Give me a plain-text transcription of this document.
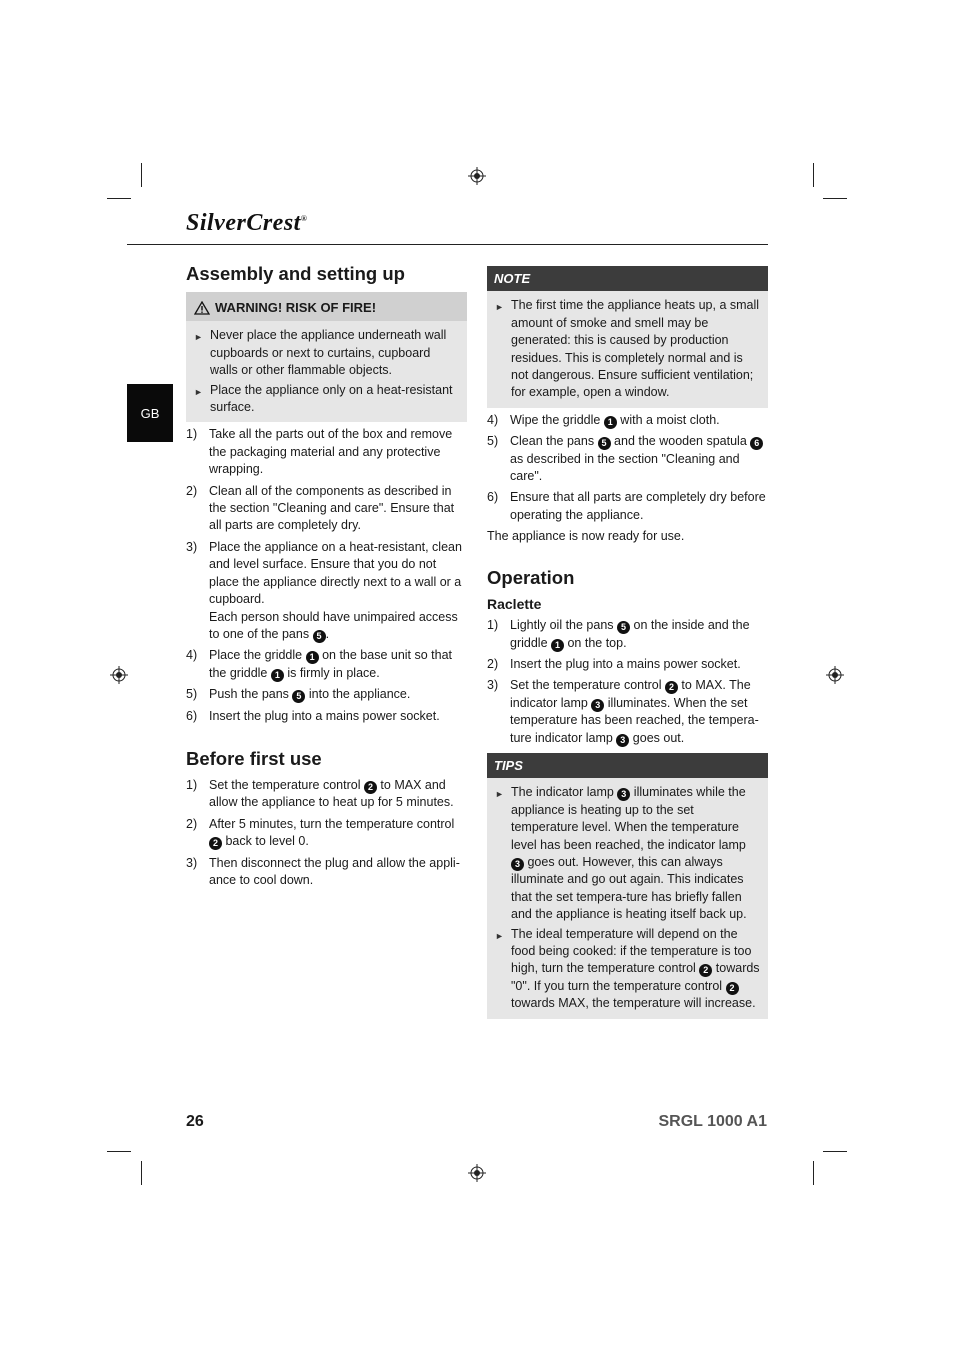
SilverCrest®
GB
Assembly and setting up
WARNING! RISK OF FIRE!
► Never place the appliance underneath wall cupboards or next to curtains, cupboard walls or other flammable objects.
► Place the appliance only on a heat-resistant surface.
1) Take all the parts out of the box and remove the packaging material and any protective wrapping.
2) Clean all of the components as described in the section "Cleaning and care". Ensure that all parts are completely dry.
3) Place the appliance on a heat-resistant, clean and level surface. Ensure that you do not place the appliance directly next to a wall or a cupboard.
Each person should have unimpaired access to one of the pans 5 .
4) Place the griddle 1 on the base unit so that the griddle 1 is firmly in place.
5) Push the pans 5 into the appliance.
6) Insert the plug into a mains power socket.
Before first use
1) Set the temperature control 2 to MAX and allow the appliance to heat up for 5 minutes.
2) After 5 minutes, turn the temperature control 2 back to level 0.
3) Then disconnect the plug and allow the appli-ance to cool down.
NOTE
► The first time the appliance heats up, a small amount of smoke and smell may be generated: this is caused by production residues. This is completely normal and is not dangerous. Ensure sufficient ventilation; for example, open a window.
4) Wipe the griddle 1 with a moist cloth.
5) Clean the pans 5 and the wooden spatula 6 as described in the section "Cleaning and care".
6) Ensure that all parts are completely dry before operating the appliance.

The appliance is now ready for use.

Operation
Raclette
1) Lightly oil the pans 5 on the inside and the griddle 1 on the top.
2) Insert the plug into a mains power socket.
3) Set the temperature control 2 to MAX. The indicator lamp 3 illuminates. When the set temperature has been reached, the tempera-ture indicator lamp 3 goes out.
TIPS
► The indicator lamp 3 illuminates while the appliance is heating up to the set temperature level. When the temperature level has been reached, the indicator lamp 3 goes out. However, this can always illuminate and go out again. This indicates that the set tempera-ture has briefly fallen and the appliance is heating itself back up.
► The ideal temperature will depend on the food being cooked: if the temperature is too high, turn the temperature control 2 towards "0". If you turn the temperature control 2 towards MAX, the temperature will increase.
26	SRGL 1000 A1
